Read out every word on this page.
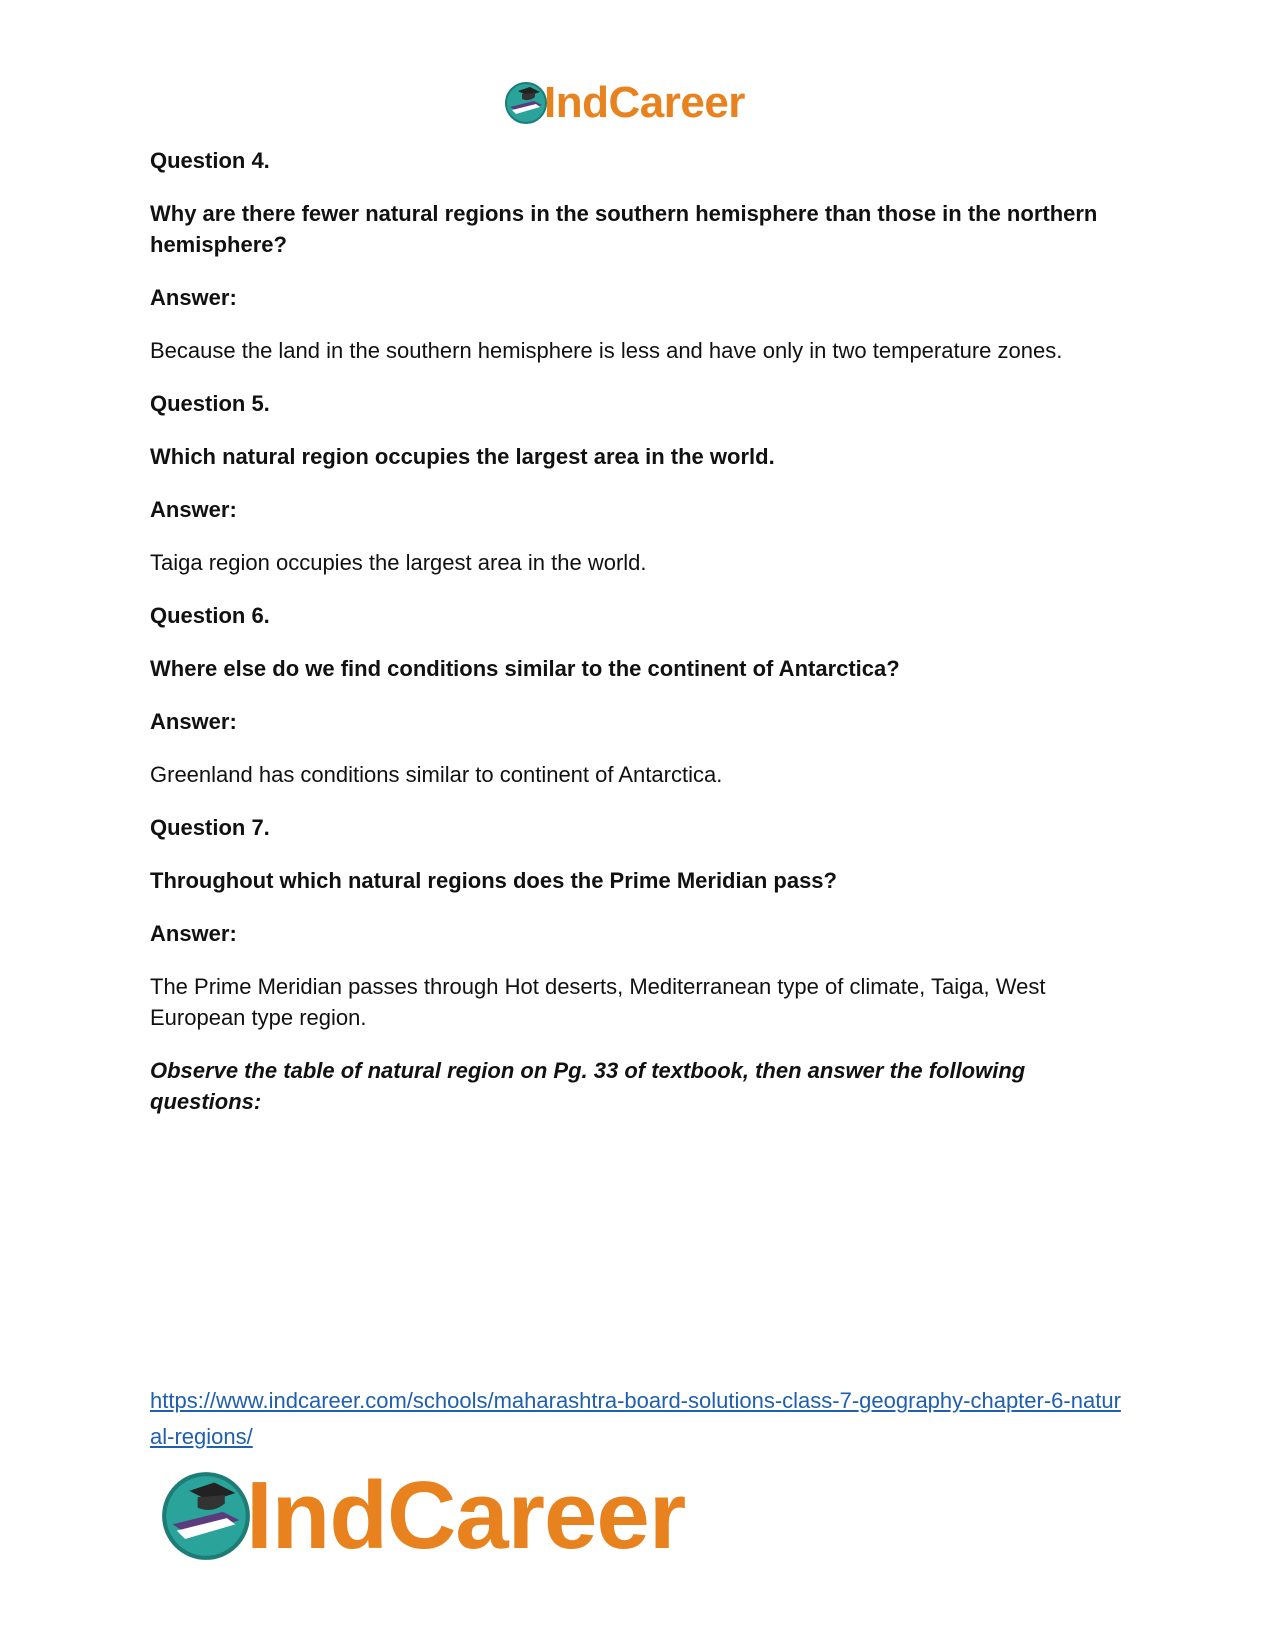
IndCareer

Question 4.

Why are there fewer natural regions in the southern hemisphere than those in the northern hemisphere?

Answer:

Because the land in the southern hemisphere is less and have only in two temperature zones.

Question 5.

Which natural region occupies the largest area in the world.

Answer:

Taiga region occupies the largest area in the world.

Question 6.

Where else do we find conditions similar to the continent of Antarctica?

Answer:

Greenland has conditions similar to continent of Antarctica.

Question 7.

Throughout which natural regions does the Prime Meridian pass?

Answer:

The Prime Meridian passes through Hot deserts, Mediterranean type of climate, Taiga, West European type region.

Observe the table of natural region on Pg. 33 of textbook, then answer the following questions:

https://www.indcareer.com/schools/maharashtra-board-solutions-class-7-geography-chapter-6-natural-regions/
IndCareer
